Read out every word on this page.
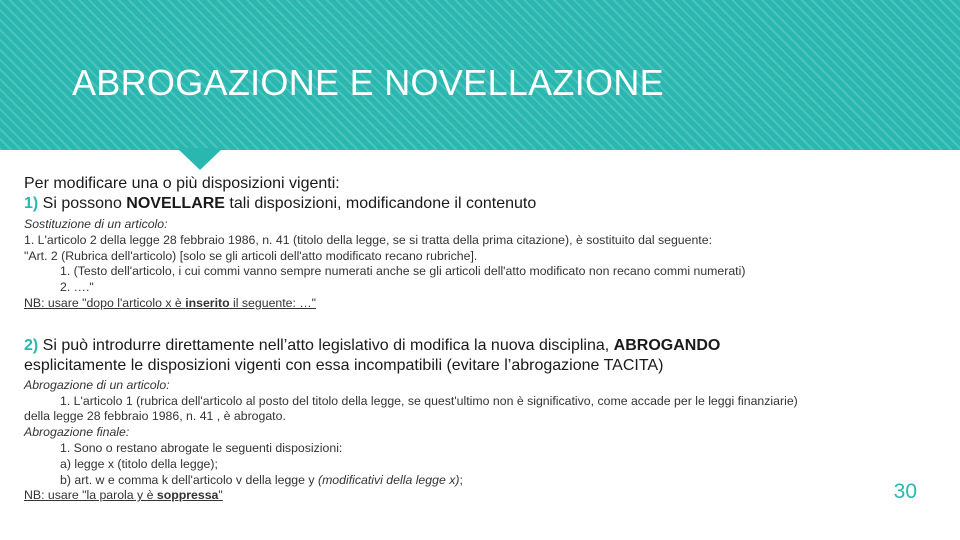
ABROGAZIONE E NOVELLAZIONE
Per modificare una o più disposizioni vigenti:
1) Si possono NOVELLARE tali disposizioni, modificandone il contenuto
Sostituzione di un articolo:
1. L'articolo 2 della legge 28 febbraio 1986, n. 41 (titolo della legge, se si tratta della prima citazione), è sostituito dal seguente:
"Art. 2 (Rubrica dell'articolo) [solo se gli articoli dell'atto modificato recano rubriche].
1. (Testo dell'articolo, i cui commi vanno sempre numerati anche se gli articoli dell'atto modificato non recano commi numerati)
2. …."
NB: usare "dopo l'articolo x è inserito il seguente: …"
2) Si può introdurre direttamente nell’atto legislativo di modifica la nuova disciplina, ABROGANDO
esplicitamente le disposizioni vigenti con essa incompatibili (evitare l’abrogazione TACITA)
Abrogazione di un articolo:
1. L'articolo 1 (rubrica dell'articolo al posto del titolo della legge, se quest'ultimo non è significativo, come accade per le leggi finanziarie)
della legge 28 febbraio 1986, n. 41 , è abrogato.
Abrogazione finale:
1. Sono o restano abrogate le seguenti disposizioni:
a) legge x (titolo della legge);
b) art. w e comma k dell'articolo v della legge y (modificativi della legge x);
NB: usare "la parola y è soppressa"	30
